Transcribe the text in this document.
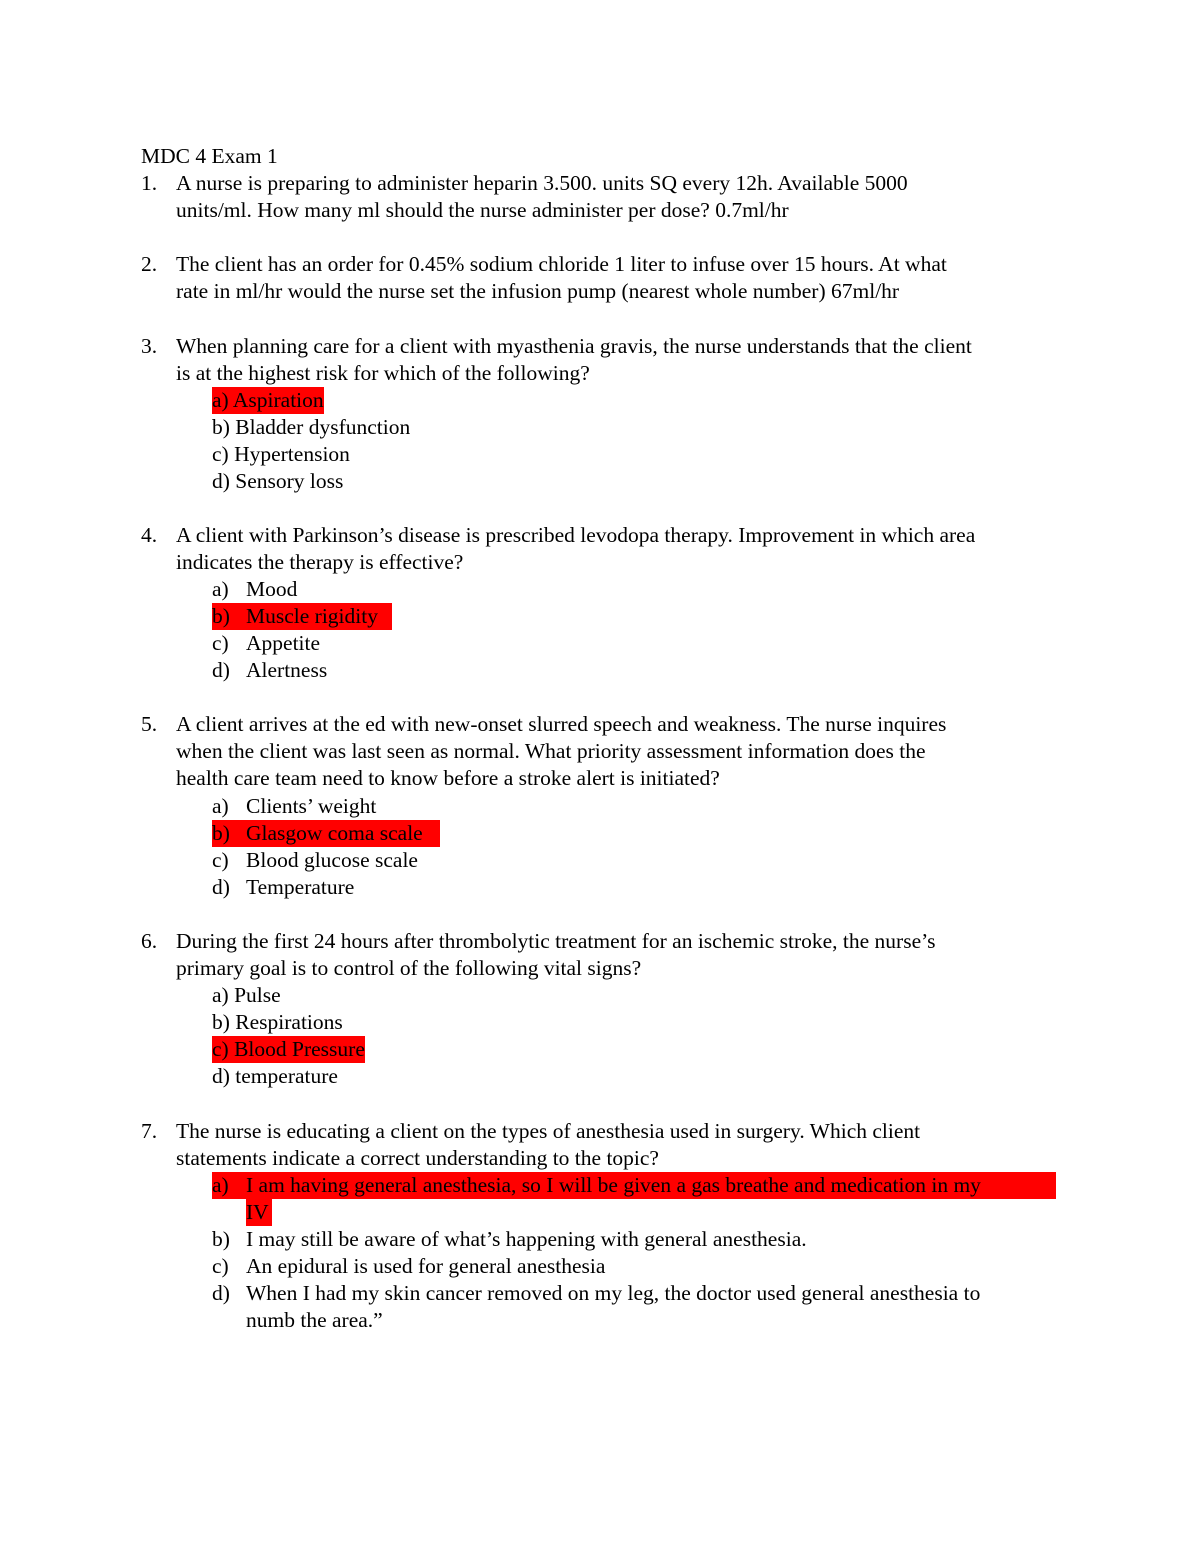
MDC 4 Exam 1
1. A nurse is preparing to administer heparin 3.500. units SQ every 12h. Available 5000
units/ml. How many ml should the nurse administer per dose? 0.7ml/hr
2. The client has an order for 0.45% sodium chloride 1 liter to infuse over 15 hours. At what
rate in ml/hr would the nurse set the infusion pump (nearest whole number) 67ml/hr
3. When planning care for a client with myasthenia gravis, the nurse understands that the client
is at the highest risk for which of the following?
a) Aspiration
b) Bladder dysfunction
c) Hypertension
d) Sensory loss
4. A client with Parkinson’s disease is prescribed levodopa therapy. Improvement in which area
indicates the therapy is effective?
a) Mood
b) Muscle rigidity
c) Appetite
d) Alertness
5. A client arrives at the ed with new-onset slurred speech and weakness. The nurse inquires
when the client was last seen as normal. What priority assessment information does the
health care team need to know before a stroke alert is initiated?
a) Clients’ weight
b) Glasgow coma scale
c) Blood glucose scale
d) Temperature
6. During the first 24 hours after thrombolytic treatment for an ischemic stroke, the nurse’s
primary goal is to control of the following vital signs?
a) Pulse
b) Respirations
c) Blood Pressure
d) temperature
7. The nurse is educating a client on the types of anesthesia used in surgery. Which client
statements indicate a correct understanding to the topic?
a) I am having general anesthesia, so I will be given a gas breathe and medication in my
IV
b) I may still be aware of what’s happening with general anesthesia.
c) An epidural is used for general anesthesia
d) When I had my skin cancer removed on my leg, the doctor used general anesthesia to
numb the area.”
